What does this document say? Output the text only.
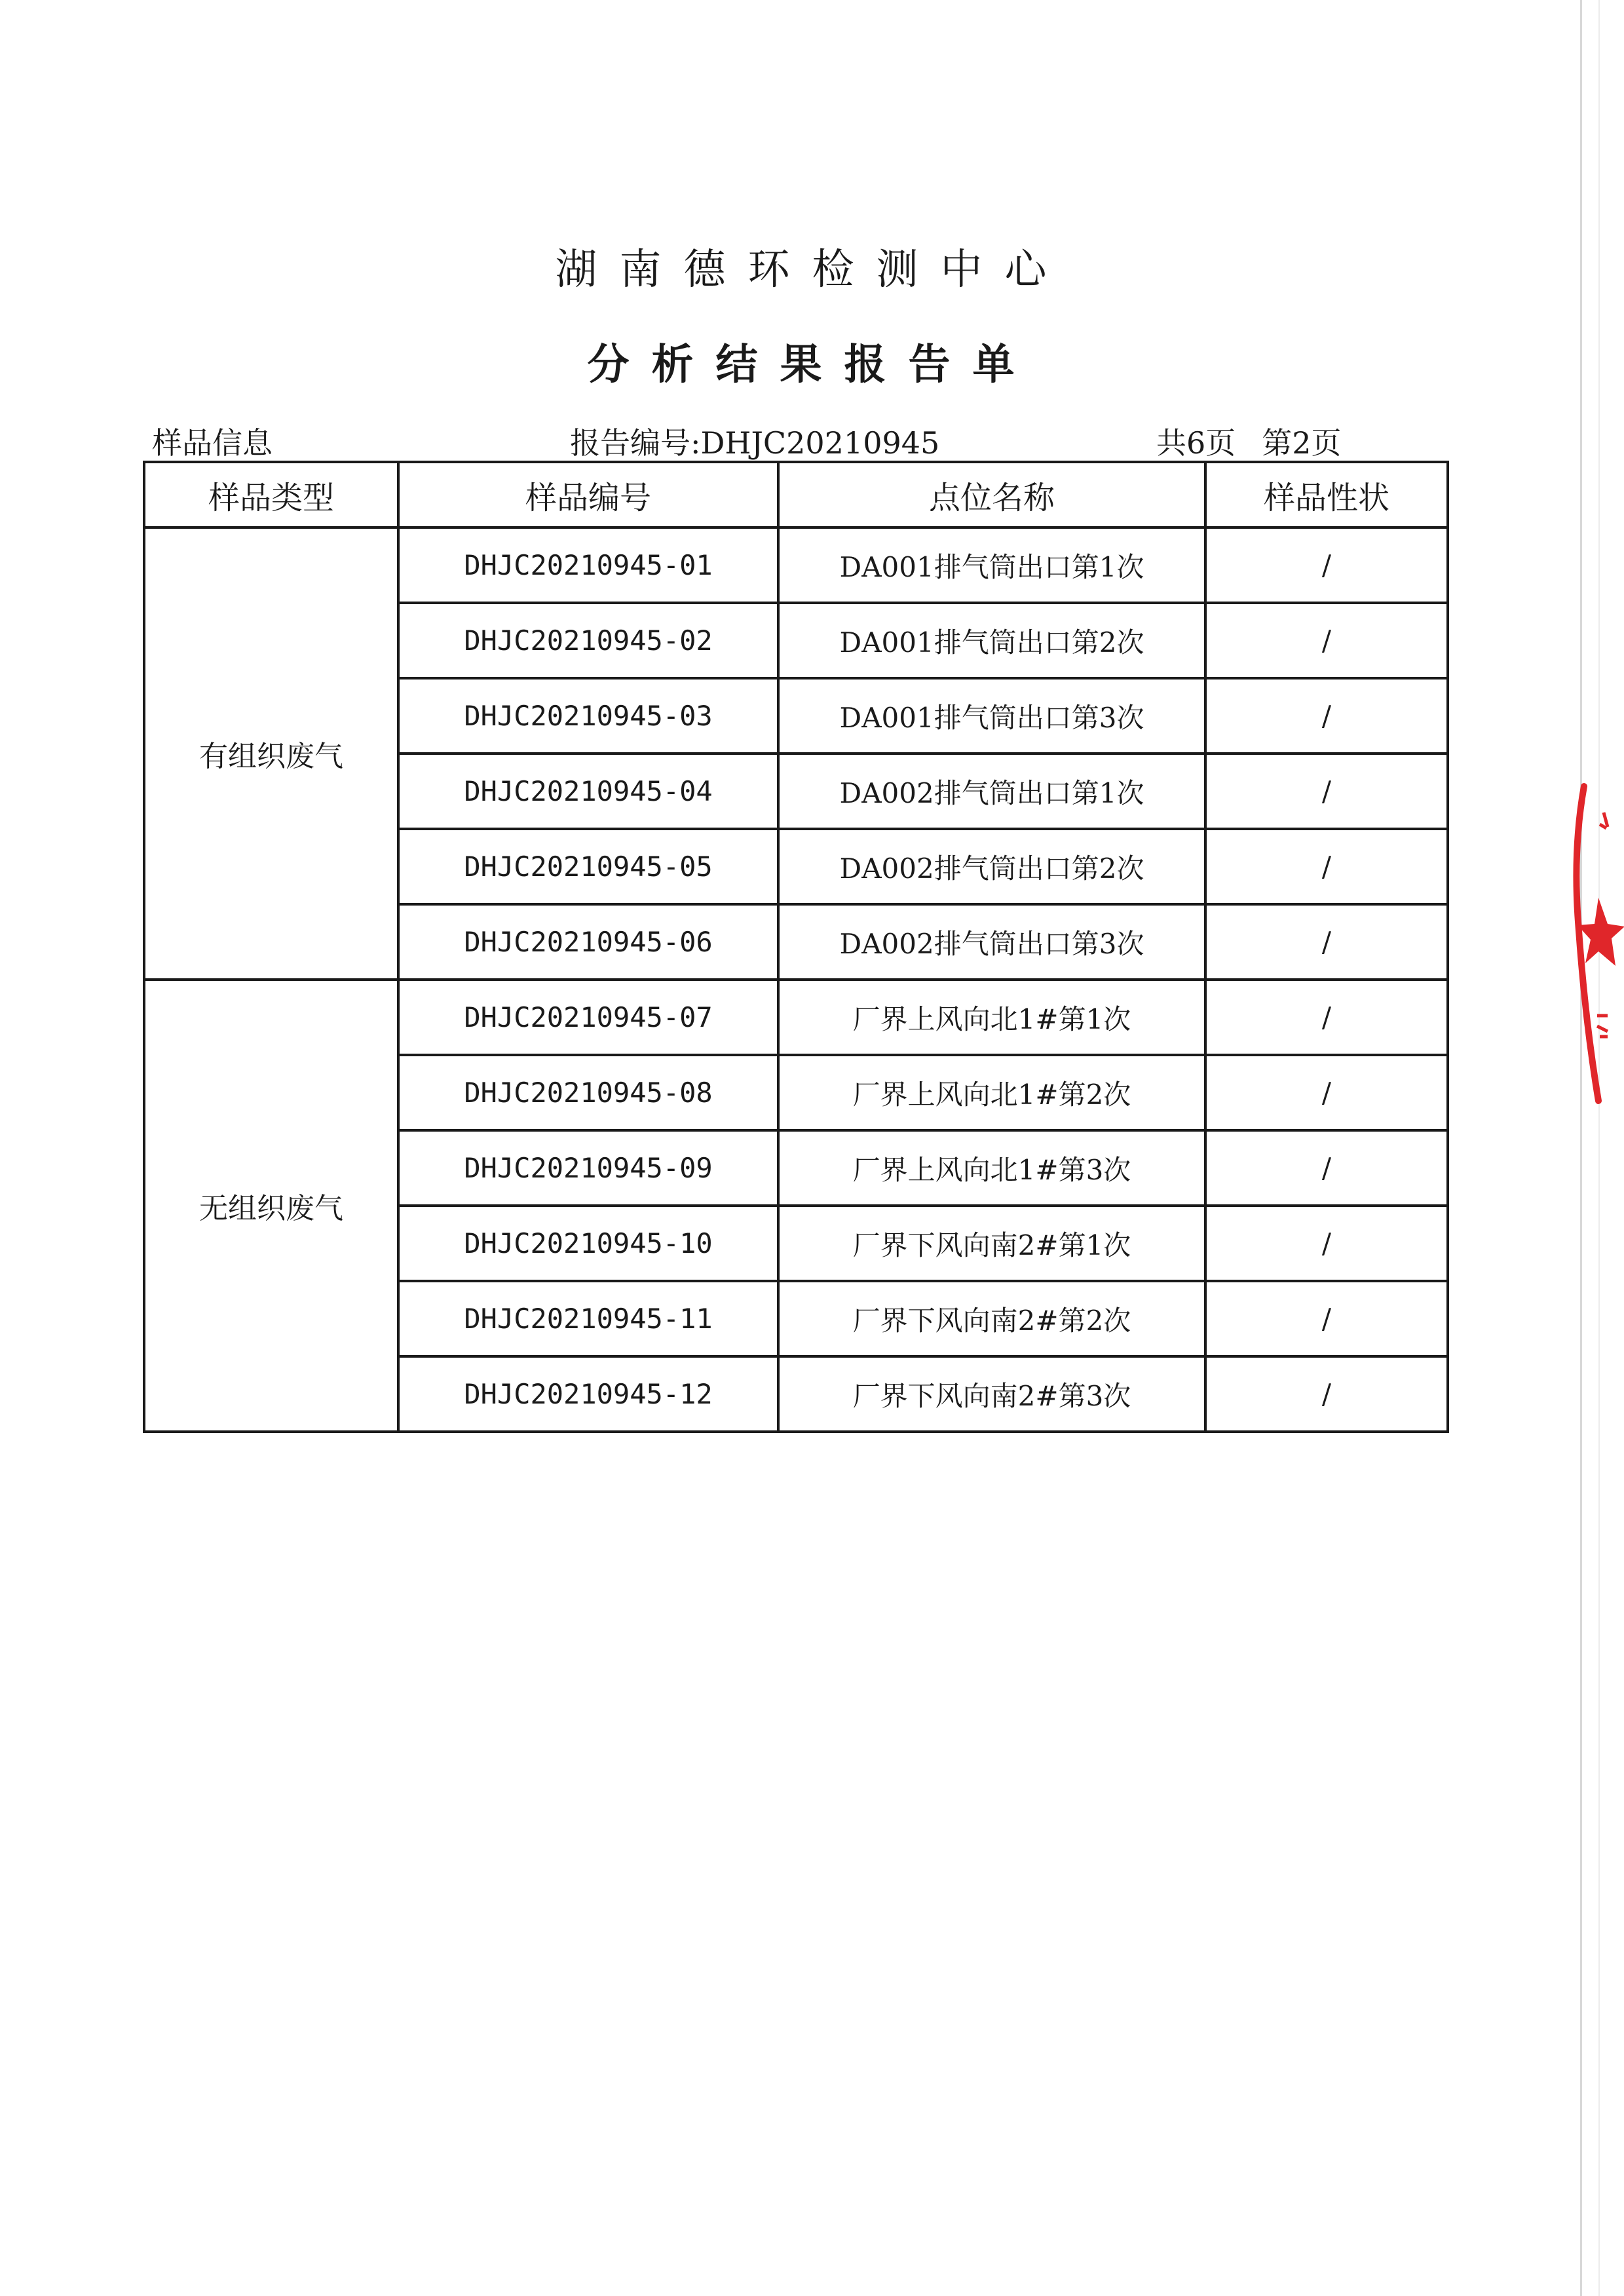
湖南德环检测中心
分析结果报告单
样品信息	报告编号:DHJC20210945	共6页 第2页
样品类型	样品编号	点位名称	样品性状
有组织废气	DHJC20210945-01	DA001排气筒出口第1次	/
	DHJC20210945-02	DA001排气筒出口第2次	/
	DHJC20210945-03	DA001排气筒出口第3次	/
	DHJC20210945-04	DA002排气筒出口第1次	/
	DHJC20210945-05	DA002排气筒出口第2次	/
	DHJC20210945-06	DA002排气筒出口第3次	/
无组织废气	DHJC20210945-07	厂界上风向北1#第1次	/
	DHJC20210945-08	厂界上风向北1#第2次	/
	DHJC20210945-09	厂界上风向北1#第3次	/
	DHJC20210945-10	厂界下风向南2#第1次	/
	DHJC20210945-11	厂界下风向南2#第2次	/
	DHJC20210945-12	厂界下风向南2#第3次	/
